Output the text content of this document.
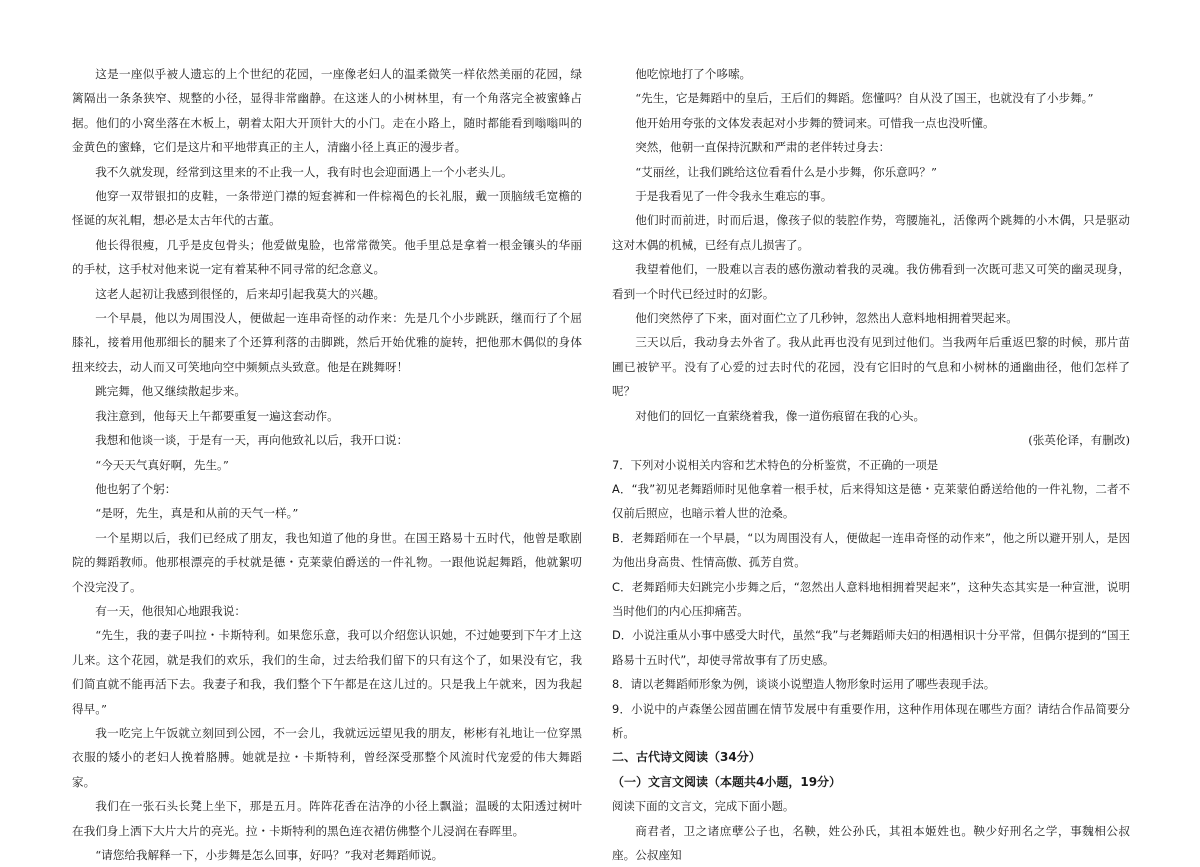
这是一座似乎被人遗忘的上个世纪的花园，一座像老妇人的温柔微笑一样依然美丽的花园，绿篱隔出一条条狭窄、规整的小径，显得非常幽静。在这迷人的小树林里，有一个角落完全被蜜蜂占据。他们的小窝坐落在木板上，朝着太阳大开顶针大的小门。走在小路上，随时都能看到嗡嗡叫的金黄色的蜜蜂，它们是这片和平地带真正的主人，清幽小径上真正的漫步者。

我不久就发现，经常到这里来的不止我一人，我有时也会迎面遇上一个小老头儿。

他穿一双带银扣的皮鞋，一条带逆门襟的短套裤和一件棕褐色的长礼服，戴一顶脑绒毛宽檐的怪诞的灰礼帽，想必是太古年代的古董。

他长得很瘦，几乎是皮包骨头；他爱做鬼脸，也常常微笑。他手里总是拿着一根金镶头的华丽的手杖，这手杖对他来说一定有着某种不同寻常的纪念意义。

这老人起初让我感到很怪的，后来却引起我莫大的兴趣。

一个早晨，他以为周围没人，便做起一连串奇怪的动作来：先是几个小步跳跃，继而行了个屈膝礼，接着用他那细长的腿来了个还算利落的击脚跳，然后开始优雅的旋转，把他那木偶似的身体扭来绞去，动人而又可笑地向空中频频点头致意。他是在跳舞呀！

跳完舞，他又继续散起步来。

我注意到，他每天上午都要重复一遍这套动作。

我想和他谈一谈，于是有一天，再向他致礼以后，我开口说：

“今天天气真好啊，先生。”

他也躬了个躬：

“是呀，先生，真是和从前的天气一样。”

一个星期以后，我们已经成了朋友，我也知道了他的身世。在国王路易十五时代，他曾是歌剧院的舞蹈教师。他那根漂亮的手杖就是德・克莱蒙伯爵送的一件礼物。一跟他说起舞蹈，他就絮叨个没完没了。

有一天，他很知心地跟我说：

“先生，我的妻子叫拉・卡斯特利。如果您乐意，我可以介绍您认识她，不过她要到下午才上这儿来。这个花园，就是我们的欢乐，我们的生命，过去给我们留下的只有这个了，如果没有它，我们简直就不能再活下去。我妻子和我，我们整个下午都是在这儿过的。只是我上午就来，因为我起得早。”

我一吃完上午饭就立刻回到公园，不一会儿，我就远远望见我的朋友，彬彬有礼地让一位穿黑衣服的矮小的老妇人挽着胳膊。她就是拉・卡斯特利，曾经深受那整个风流时代宠爱的伟大舞蹈家。

我们在一张石头长凳上坐下，那是五月。阵阵花香在洁净的小径上飘溢；温暖的太阳透过树叶在我们身上洒下大片大片的亮光。拉・卡斯特利的黑色连衣裙仿佛整个儿浸润在春晖里。

“请您给我解释一下，小步舞是怎么回事，好吗？”我对老舞蹈师说。

他吃惊地打了个哆嗦。

“先生，它是舞蹈中的皇后，王后们的舞蹈。您懂吗？自从没了国王，也就没有了小步舞。”

他开始用夸张的文体发表起对小步舞的赞词来。可惜我一点也没听懂。

突然，他朝一直保持沉默和严肃的老伴转过身去：

“艾丽丝，让我们跳给这位看看什么是小步舞，你乐意吗？”

于是我看见了一件令我永生难忘的事。

他们时而前进，时而后退，像孩子似的装腔作势，弯腰施礼，活像两个跳舞的小木偶，只是驱动这对木偶的机械，已经有点儿损害了。

我望着他们，一股难以言表的感伤激动着我的灵魂。我仿佛看到一次既可悲又可笑的幽灵现身，看到一个时代已经过时的幻影。

他们突然停了下来，面对面伫立了几秒钟，忽然出人意料地相拥着哭起来。

三天以后，我动身去外省了。我从此再也没有见到过他们。当我两年后重返巴黎的时候，那片苗圃已被铲平。没有了心爱的过去时代的花园，没有它旧时的气息和小树林的通幽曲径，他们怎样了呢？

对他们的回忆一直萦绕着我，像一道伤痕留在我的心头。

(张英伦译，有删改)

7．下列对小说相关内容和艺术特色的分析鉴赏，不正确的一项是

A．“我”初见老舞蹈师时见他拿着一根手杖，后来得知这是德・克莱蒙伯爵送给他的一件礼物，二者不仅前后照应，也暗示着人世的沧桑。

B．老舞蹈师在一个早晨，“以为周围没有人，便做起一连串奇怪的动作来”，他之所以避开别人，是因为他出身高贵、性情高傲、孤芳自赏。

C．老舞蹈师夫妇跳完小步舞之后，“忽然出人意料地相拥着哭起来”，这种失态其实是一种宣泄，说明当时他们的内心压抑痛苦。

D．小说注重从小事中感受大时代，虽然“我”与老舞蹈师夫妇的相遇相识十分平常，但偶尔提到的“国王路易十五时代”，却使寻常故事有了历史感。

8．请以老舞蹈师形象为例，谈谈小说塑造人物形象时运用了哪些表现手法。

9．小说中的卢森堡公园苗圃在情节发展中有重要作用，这种作用体现在哪些方面？请结合作品简要分析。

二、古代诗文阅读（34分）

（一）文言文阅读（本题共4小题，19分）

阅读下面的文言文，完成下面小题。

商君者，卫之诸庶孽公子也，名鞅，姓公孙氏，其祖本姬姓也。鞅少好刑名之学，事魏相公叔座。公叔座知
